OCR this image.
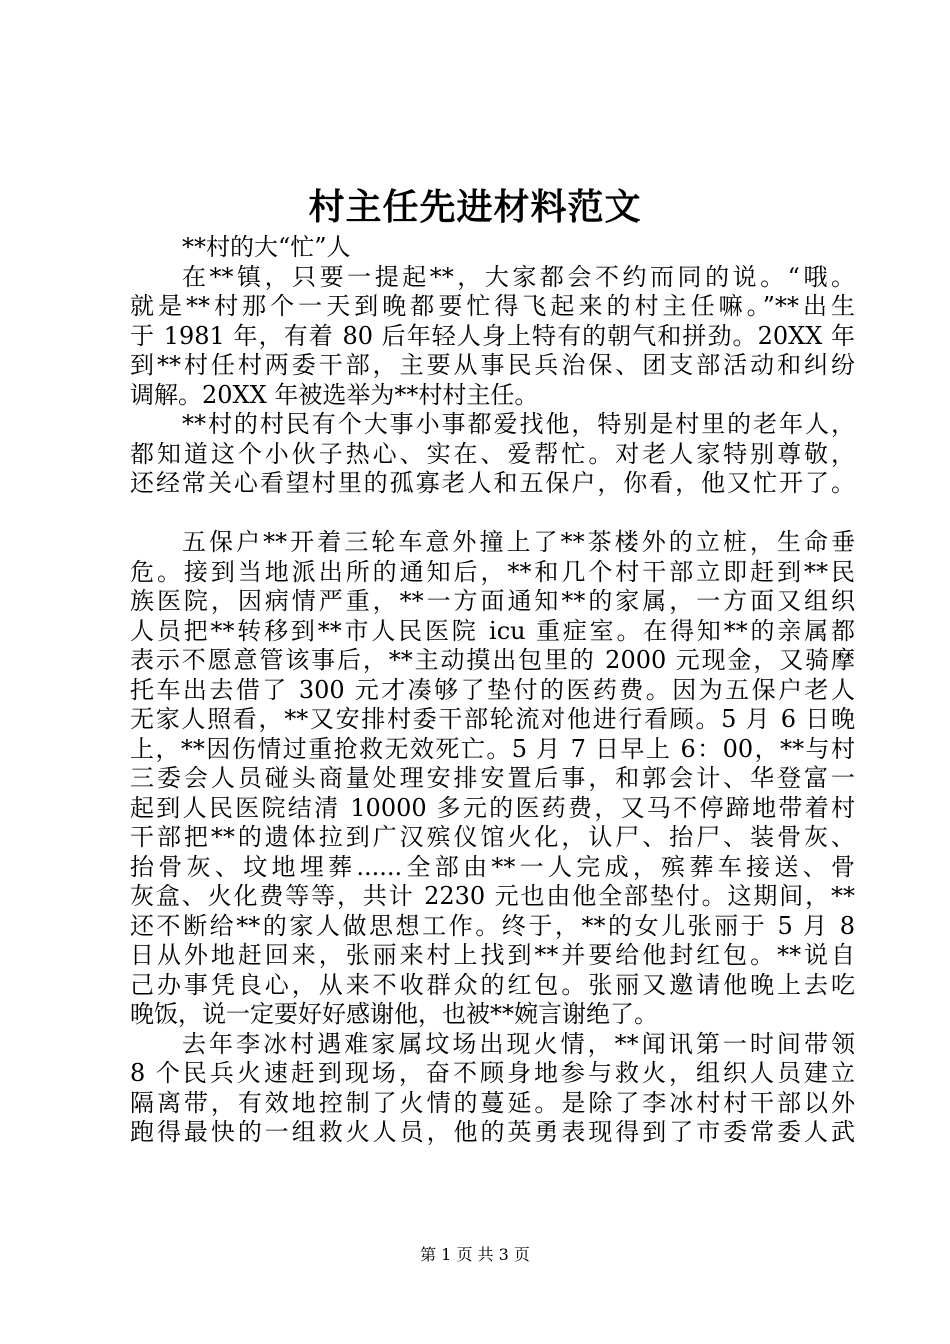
村主任先进材料范文
**村的大“忙”人
在**镇，只要一提起**，大家都会不约而同的说。“哦。
就是**村那个一天到晚都要忙得飞起来的村主任嘛。”**出生
于 1981 年，有着 80 后年轻人身上特有的朝气和拼劲。20XX 年
到**村任村两委干部，主要从事民兵治保、团支部活动和纠纷
调解。20XX 年被选举为**村村主任。
**村的村民有个大事小事都爱找他，特别是村里的老年人，
都知道这个小伙子热心、实在、爱帮忙。对老人家特别尊敬，
还经常关心看望村里的孤寡老人和五保户，你看，他又忙开了。
五保户**开着三轮车意外撞上了**茶楼外的立桩，生命垂
危。接到当地派出所的通知后，**和几个村干部立即赶到**民
族医院，因病情严重，**一方面通知**的家属，一方面又组织
人员把**转移到**市人民医院 icu 重症室。在得知**的亲属都
表示不愿意管该事后，**主动摸出包里的 2000 元现金，又骑摩
托车出去借了 300 元才凑够了垫付的医药费。因为五保户老人
无家人照看，**又安排村委干部轮流对他进行看顾。5 月 6 日晚
上，**因伤情过重抢救无效死亡。5 月 7 日早上 6：00，**与村
三委会人员碰头商量处理安排安置后事，和郭会计、华登富一
起到人民医院结清 10000 多元的医药费，又马不停蹄地带着村
干部把**的遗体拉到广汉殡仪馆火化，认尸、抬尸、装骨灰、
抬骨灰、坟地埋葬......全部由**一人完成，殡葬车接送、骨
灰盒、火化费等等，共计 2230 元也由他全部垫付。这期间，**
还不断给**的家人做思想工作。终于，**的女儿张丽于 5 月 8
日从外地赶回来，张丽来村上找到**并要给他封红包。**说自
己办事凭良心，从来不收群众的红包。张丽又邀请他晚上去吃
晚饭，说一定要好好感谢他，也被**婉言谢绝了。
去年李冰村遇难家属坟场出现火情，**闻讯第一时间带领
8 个民兵火速赶到现场，奋不顾身地参与救火，组织人员建立
隔离带，有效地控制了火情的蔓延。是除了李冰村村干部以外
跑得最快的一组救火人员，他的英勇表现得到了市委常委人武
第 1 页 共 3 页
